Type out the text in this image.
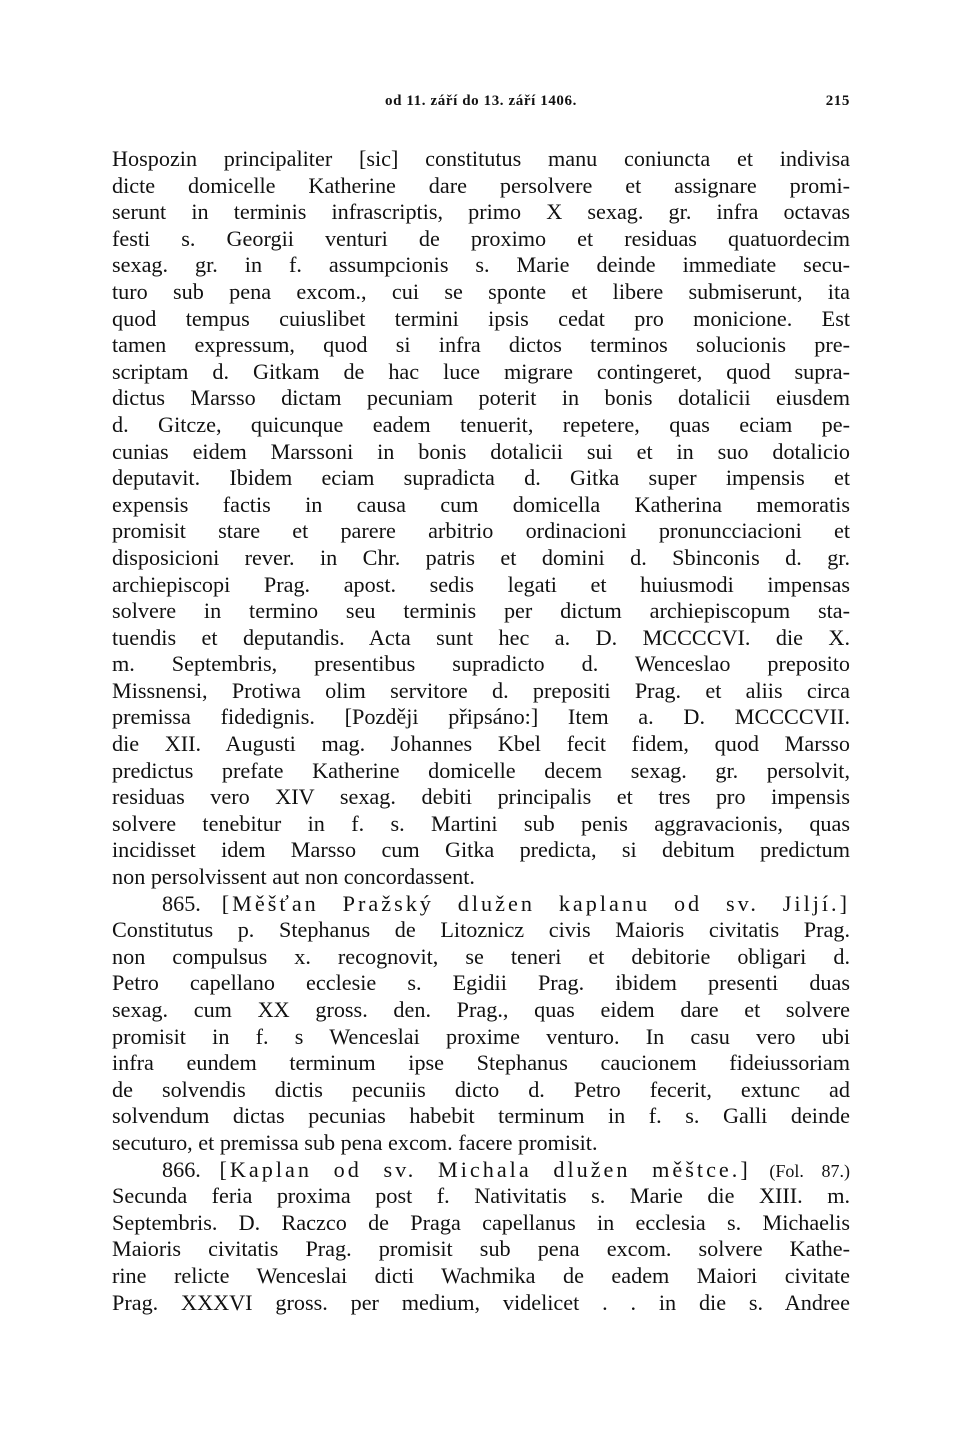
od 11. září do 13. září 1406.	215
Hospozin principaliter [sic] constitutus manu coniuncta et indivisa
dicte domicelle Katherine dare persolvere et assignare promi-
serunt in terminis infrascriptis, primo X sexag. gr. infra octavas
festi s. Georgii venturi de proximo et residuas quatuordecim
sexag. gr. in f. assumpcionis s. Marie deinde immediate secu-
turo sub pena excom., cui se sponte et libere submiserunt, ita
quod tempus cuiuslibet termini ipsis cedat pro monicione. Est
tamen expressum, quod si infra dictos terminos solucionis pre-
scriptam d. Gitkam de hac luce migrare contingeret, quod supra-
dictus Marsso dictam pecuniam poterit in bonis dotalicii eiusdem
d. Gitcze, quicunque eadem tenuerit, repetere, quas eciam pe-
cunias eidem Marssoni in bonis dotalicii sui et in suo dotalicio
deputavit. Ibidem eciam supradicta d. Gitka super impensis et
expensis factis in causa cum domicella Katherina memoratis
promisit stare et parere arbitrio ordinacioni pronuncciacioni et
disposicioni rever. in Chr. patris et domini d. Sbinconis d. gr.
archiepiscopi Prag. apost. sedis legati et huiusmodi impensas
solvere in termino seu terminis per dictum archiepiscopum sta-
tuendis et deputandis. Acta sunt hec a. D. MCCCCVI. die X.
m. Septembris, presentibus supradicto d. Wenceslao preposito
Missnensi, Protiwa olim servitore d. prepositi Prag. et aliis circa
premissa fidedignis. [Později připsáno:] Item a. D. MCCCCVII.
die XII. Augusti mag. Johannes Kbel fecit fidem, quod Marsso
predictus prefate Katherine domicelle decem sexag. gr. persolvit,
residuas vero XIV sexag. debiti principalis et tres pro impensis
solvere tenebitur in f. s. Martini sub penis aggravacionis, quas
incidisset idem Marsso cum Gitka predicta, si debitum predictum
non persolvissent aut non concordassent.
865. [Měšťan Pražský dlužen kaplanu od sv. Jiljí.]
Constitutus p. Stephanus de Litoznicz civis Maioris civitatis Prag.
non compulsus x. recognovit, se teneri et debitorie obligari d.
Petro capellano ecclesie s. Egidii Prag. ibidem presenti duas
sexag. cum XX gross. den. Prag., quas eidem dare et solvere
promisit in f. s Wenceslai proxime venturo. In casu vero ubi
infra eundem terminum ipse Stephanus caucionem fideiussoriam
de solvendis dictis pecuniis dicto d. Petro fecerit, extunc ad
solvendum dictas pecunias habebit terminum in f. s. Galli deinde
secuturo, et premissa sub pena excom. facere promisit.
866. [Kaplan od sv. Michala dlužen měštce.] (Fol. 87.)
Secunda feria proxima post f. Nativitatis s. Marie die XIII. m.
Septembris. D. Raczco de Praga capellanus in ecclesia s. Michaelis
Maioris civitatis Prag. promisit sub pena excom. solvere Kathe-
rine relicte Wenceslai dicti Wachmika de eadem Maiori civitate
Prag. XXXVI gross. per medium, videlicet . . in die s. Andree
